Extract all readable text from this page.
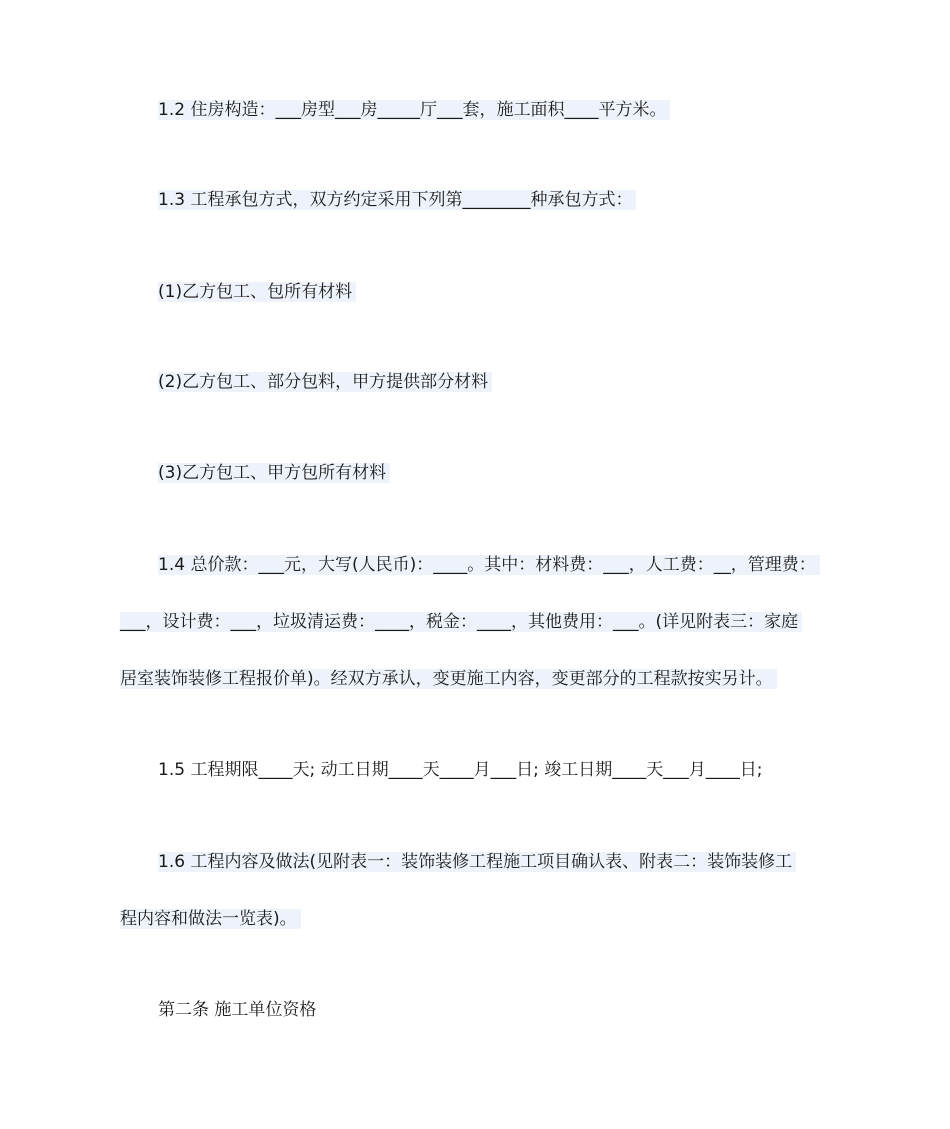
1.2 住房构造：___房型___房_____厅___套，施工面积____平方米。
1.3 工程承包方式，双方约定采用下列第________种承包方式：
(1)乙方包工、包所有材料
(2)乙方包工、部分包料，甲方提供部分材料
(3)乙方包工、甲方包所有材料
1.4 总价款：___元，大写(人民币)：____。其中：材料费：___，人工费：__，管理费：
___，设计费：___，垃圾清运费：____，税金：____，其他费用：___。(详见附表三：家庭
居室装饰装修工程报价单)。经双方承认，变更施工内容，变更部分的工程款按实另计。
1.5 工程期限____天; 动工日期____天____月___日; 竣工日期____天___月____日;
1.6 工程内容及做法(见附表一：装饰装修工程施工项目确认表、附表二：装饰装修工
程内容和做法一览表)。
第二条 施工单位资格
